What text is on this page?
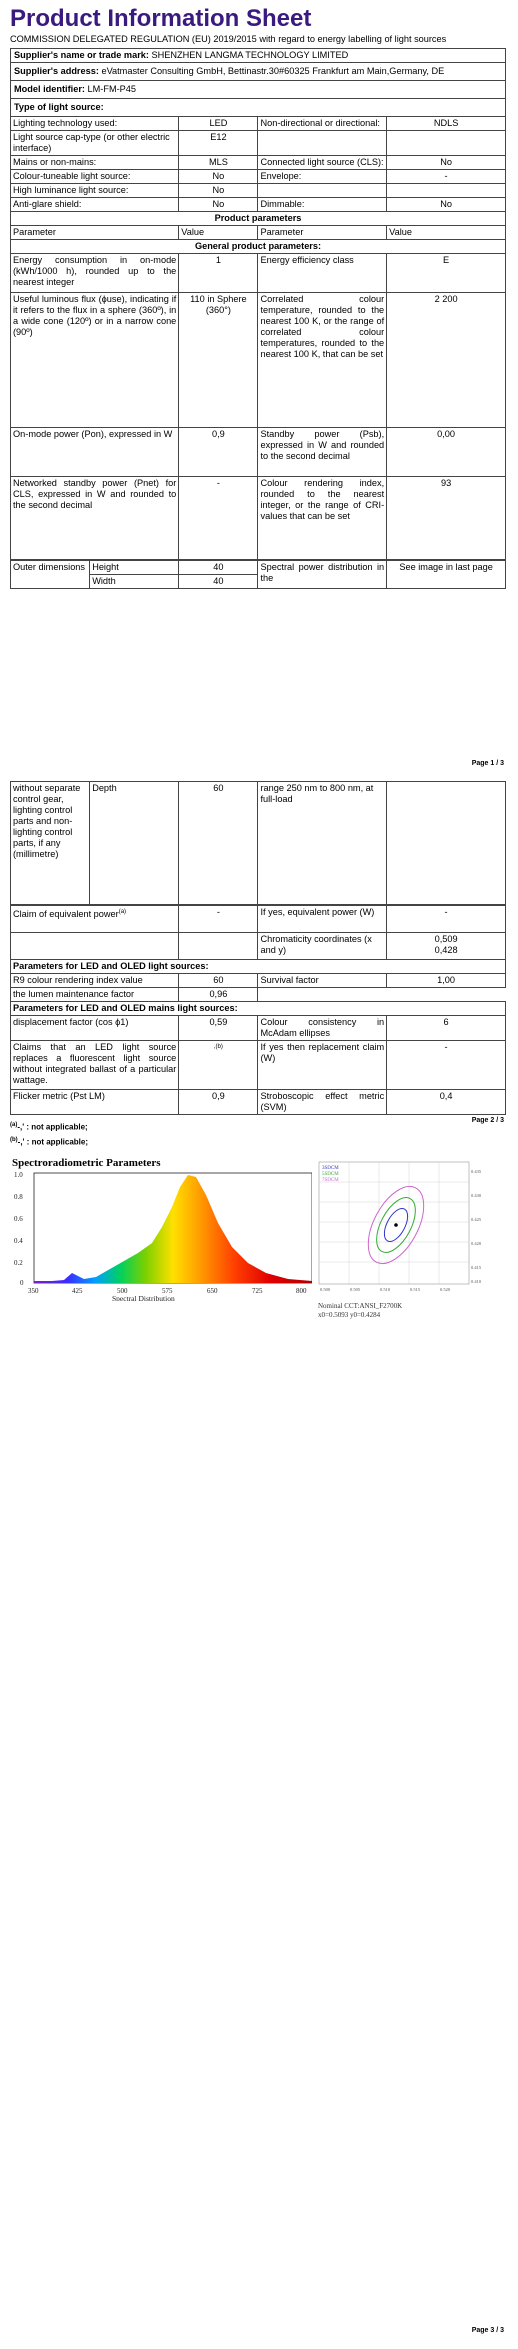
Product Information Sheet
COMMISSION DELEGATED REGULATION (EU) 2019/2015 with regard to energy labelling of light sources
Supplier's name or trade mark: SHENZHEN LANGMA TECHNOLOGY LIMITED
Supplier's address: eVatmaster Consulting GmbH, Bettinastr.30#60325 Frankfurt am Main,Germany, DE
Model identifier: LM-FM-P45
Type of light source:
Lighting technology used:	LED	Non-directional or directional:	NDLS
Light source cap-type (or other electric interface)	E12		
Mains or non-mains:	MLS	Connected light source (CLS):	No
Colour-tuneable light source:	No	Envelope:	-
High luminance light source:	No		
Anti-glare shield:	No	Dimmable:	No
Product parameters			
Parameter	Value	Parameter	Value
General product parameters:			
Energy consumption in on-mode (kWh/1000 h), rounded up to the nearest integer	1	Energy efficiency class	E
Useful luminous flux (ϕuse), indicating if it refers to the flux in a sphere (360º), in a wide cone (120º) or in a narrow cone (90º)	110 in Sphere (360°)	Correlated colour temperature, rounded to the nearest 100 K, or the range of correlated colour temperatures, rounded to the nearest 100 K, that can be set	2 200
On-mode power (Pon), expressed in W	0,9	Standby power (Psb), expressed in W and rounded to the second decimal	0,00
Networked standby power (Pnet) for CLS, expressed in W and rounded to the second decimal	-	Colour rendering index, rounded to the nearest integer, or the range of CRI-values that can be set	93
Outer dimensions	Height	40	Spectral power distribution in the	See image in last page
	Width	40		
Page 1 / 3
without separate control gear, lighting control parts and non-lighting control parts, if any (millimetre)	Depth	60	range 250 nm to 800 nm, at full-load	
Claim of equivalent power$^{(a)}$	-	If yes, equivalent power (W)	-
		Chromaticity coordinates (x and y)	0,509
0,428

Parameters for LED and OLED light sources:			
R9 colour rendering index value	60	Survival factor	1,00
the lumen maintenance factor	0,96		
Parameters for LED and OLED mains light sources:			
displacement factor (cos ϕ1)	0,59	Colour consistency in McAdam ellipses	6
Claims that an LED light source replaces a fluorescent light source without integrated ballast of a particular wattage.	,(b)	If yes then replacement claim (W)	-
Flicker metric (Pst LM)	0,9	Stroboscopic effect metric (SVM)	0,4
$^{(a)}$-,' : not applicable;
$^{(b)}$-,' : not applicable;
Page 2 / 3
Spectroradiometric Parameters
1.0
0.8
0.6
0.4
0.2
0
350	425	500	575	650	725	800
Spectral Distribution
3SDCM
5SDCM
7SDCM
0.435
0.430
0.425
0.420
0.415
0.410
0.500	0.505	0.510	0.515	0.520
Nominal CCT:ANSI_F2700K
x0=0.5093 y0=0.4284
Page 3 / 3
